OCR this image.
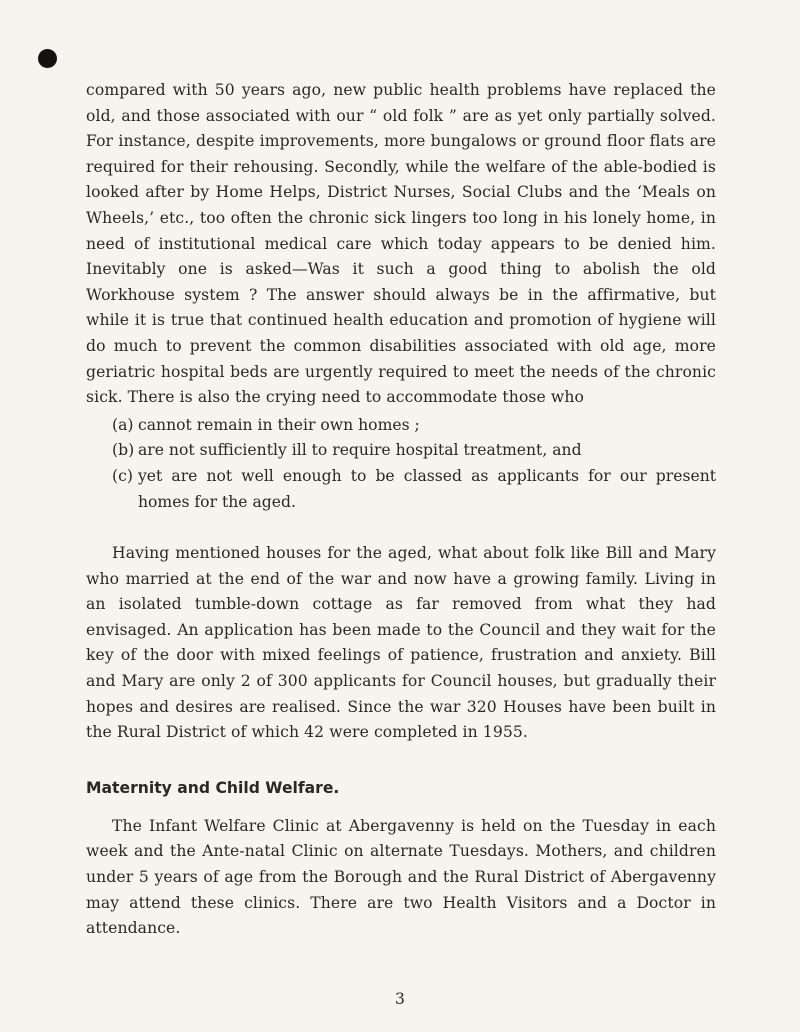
compared with 50 years ago, new public health problems have replaced the old, and those associated with our “ old folk ” are as yet only partially solved. For instance, despite improvements, more bungalows or ground floor flats are required for their rehousing. Secondly, while the welfare of the able-bodied is looked after by Home Helps, District Nurses, Social Clubs and the ‘Meals on Wheels,’ etc., too often the chronic sick lingers too long in his lonely home, in need of institutional medical care which today appears to be denied him. Inevitably one is asked—Was it such a good thing to abolish the old Workhouse system ? The answer should always be in the affirmative, but while it is true that continued health education and promotion of hygiene will do much to prevent the common disabilities associated with old age, more geriatric hospital beds are urgently required to meet the needs of the chronic sick. There is also the crying need to accommodate those who

(a) cannot remain in their own homes ;
(b) are not sufficiently ill to require hospital treatment, and
(c) yet are not well enough to be classed as applicants for our present homes for the aged.

Having mentioned houses for the aged, what about folk like Bill and Mary who married at the end of the war and now have a growing family. Living in an isolated tumble-down cottage as far removed from what they had envisaged. An application has been made to the Council and they wait for the key of the door with mixed feelings of patience, frustration and anxiety. Bill and Mary are only 2 of 300 applicants for Council houses, but gradually their hopes and desires are realised. Since the war 320 Houses have been built in the Rural District of which 42 were completed in 1955.

Maternity and Child Welfare.

The Infant Welfare Clinic at Abergavenny is held on the Tuesday in each week and the Ante-natal Clinic on alternate Tuesdays. Mothers, and children under 5 years of age from the Borough and the Rural District of Abergavenny may attend these clinics. There are two Health Visitors and a Doctor in attendance.

3
